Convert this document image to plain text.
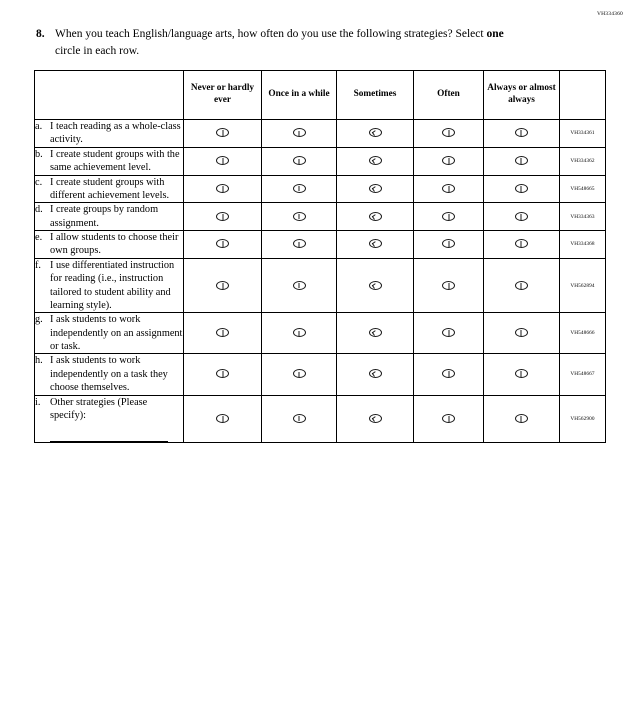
VH334360
8. When you teach English/language arts, how often do you use the following strategies? Select one circle in each row.
	Never or hardly ever	Once in a while	Sometimes	Often	Always or almost always	

a. I teach reading as a whole-class activity.						VH334361

b. I create student groups with the same achievement level.						VH334362

c. I create student groups with different achievement levels.						VH548665

d. I create groups by random assignment.						VH334363

e. I allow students to choose their own groups.						VH334368

f. I use differentiated instruction for reading (i.e., instruction tailored to student ability and learning style).						VH562894

g. I ask students to work independently on an assignment or task.						VH548666

h. I ask students to work independently on a task they choose themselves.						VH548667

i. Other strategies (Please specify):						VH562900
